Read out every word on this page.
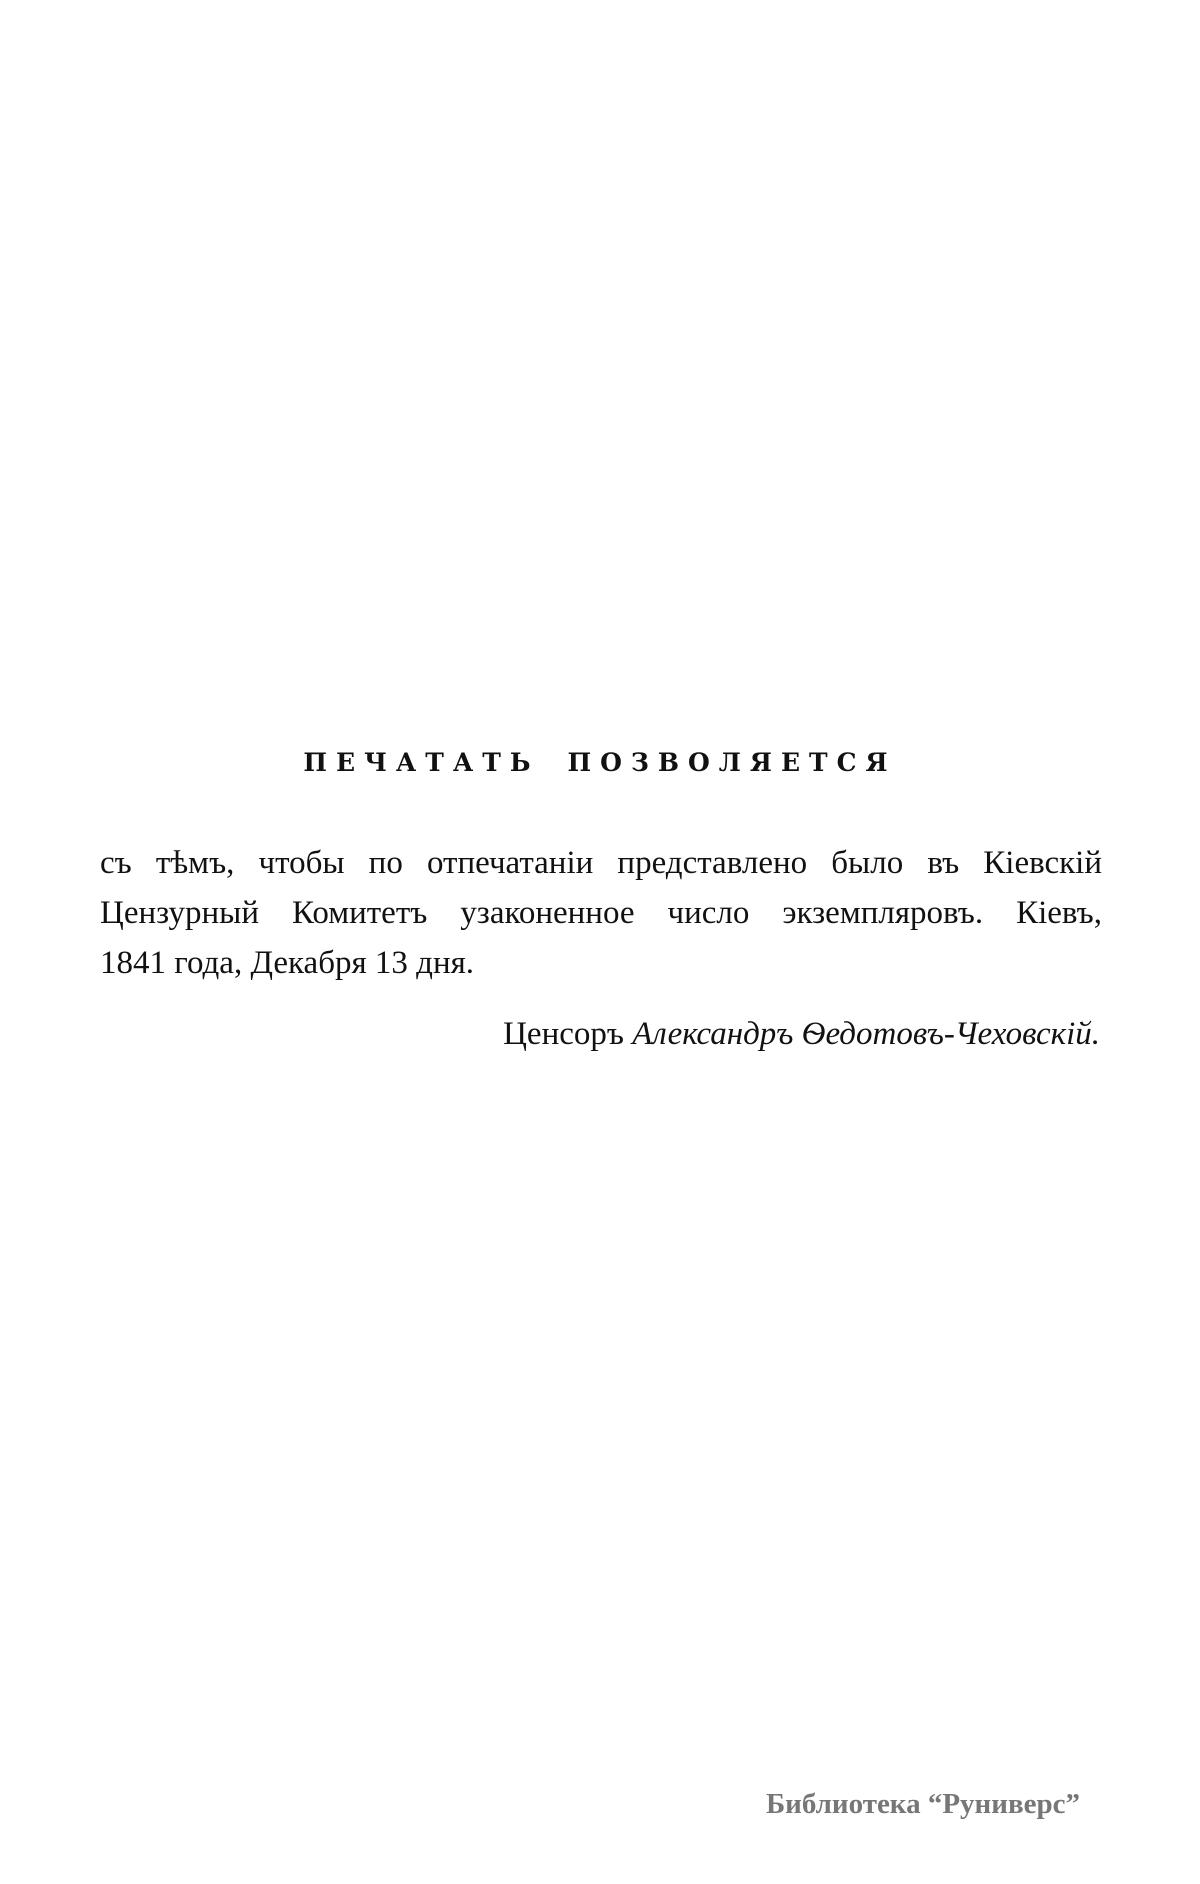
ПЕЧАТАТЬ ПОЗВОЛЯЕТСЯ
съ тѣмъ, чтобы по отпечатаніи представлено было въ Кіевскій
Цензурный Комитетъ узаконенное число экземпляровъ. Кіевъ,
1841 года, Декабря 13 дня.
Ценсоръ Александръ Ѳедотовъ-Чеховскій.
Библиотека “Руниверс”
